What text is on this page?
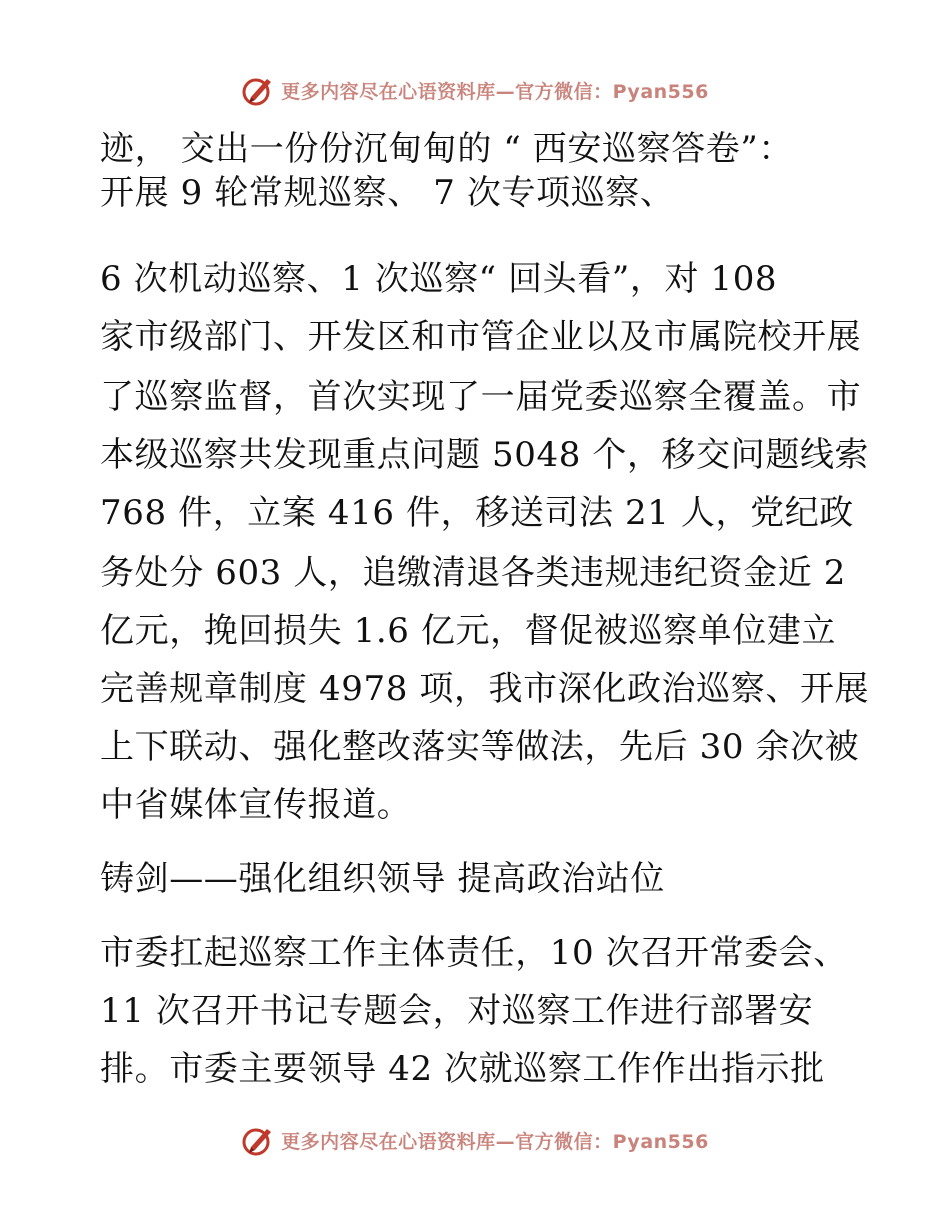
更多内容尽在心语资料库—官方微信：Pyan556
迹， 交出一份份沉甸甸的 “ 西安巡察答卷”：
开展 9 轮常规巡察、 7 次专项巡察、
6 次机动巡察、1 次巡察“ 回头看”，对 108
家市级部门、开发区和市管企业以及市属院校开展
了巡察监督，首次实现了一届党委巡察全覆盖。市
本级巡察共发现重点问题 5048 个，移交问题线索
768 件，立案 416 件，移送司法 21 人，党纪政
务处分 603 人，追缴清退各类违规违纪资金近 2
亿元，挽回损失 1.6 亿元，督促被巡察单位建立
完善规章制度 4978 项，我市深化政治巡察、开展
上下联动、强化整改落实等做法，先后 30 余次被
中省媒体宣传报道。
铸剑——强化组织领导 提高政治站位
市委扛起巡察工作主体责任，10 次召开常委会、
11 次召开书记专题会，对巡察工作进行部署安
排。市委主要领导 42 次就巡察工作作出指示批
更多内容尽在心语资料库—官方微信：Pyan556
